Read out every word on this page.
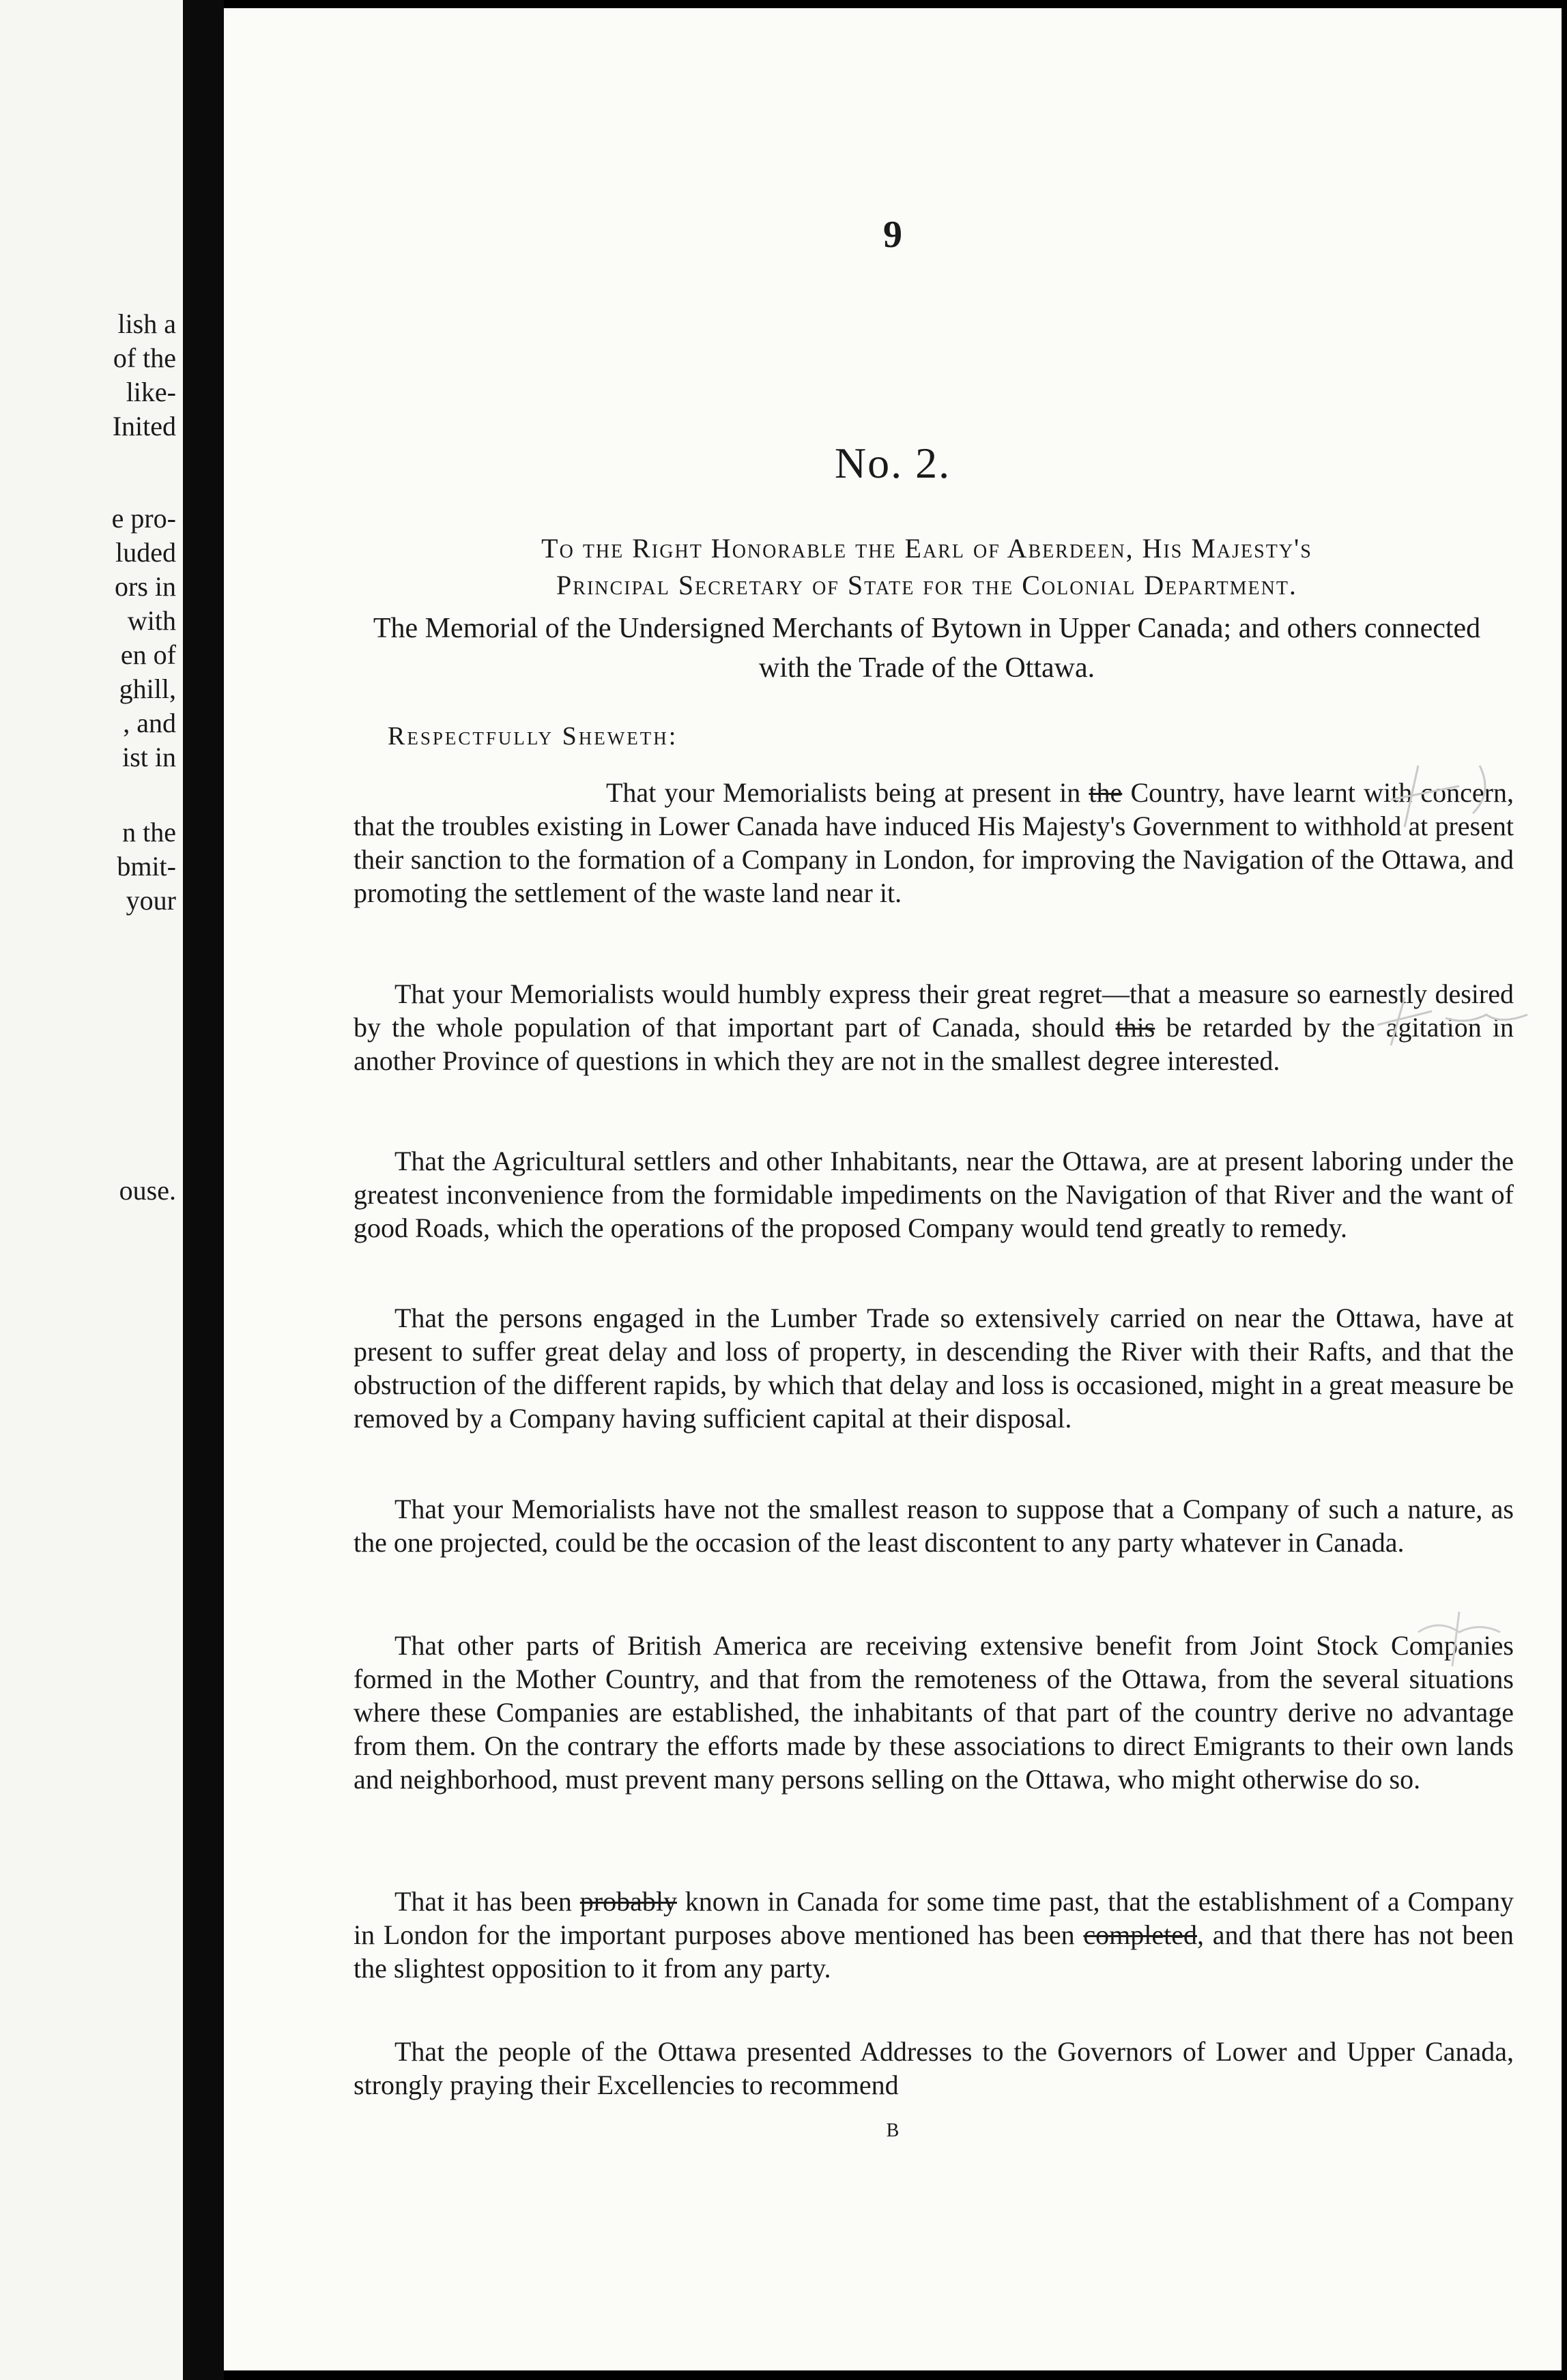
lish a

of the

like-

Inited

e pro-

luded

ors in

with

en of

ghill,

, and

ist in

n the

bmit-

your

ouse.

9
No. 2.
To the Right Honorable the Earl of Aberdeen, His Majesty's
Principal Secretary of State for the Colonial Department.
The Memorial of the Undersigned Merchants of Bytown in Upper Canada; and others connected with the Trade of the Ottawa.
Respectfully Sheweth:

That your Memorialists being at present in the Country, have learnt with concern, that the troubles existing in Lower Canada have induced His Majesty's Government to withhold at present their sanction to the formation of a Company in London, for improving the Navigation of the Ottawa, and promoting the settlement of the waste land near it.

That your Memorialists would humbly express their great regret—that a measure so earnestly desired by the whole population of that important part of Canada, should this be retarded by the agitation in another Province of questions in which they are not in the smallest degree interested.

That the Agricultural settlers and other Inhabitants, near the Ottawa, are at present laboring under the greatest inconvenience from the formidable impediments on the Navigation of that River and the want of good Roads, which the operations of the proposed Company would tend greatly to remedy.

That the persons engaged in the Lumber Trade so extensively carried on near the Ottawa, have at present to suffer great delay and loss of property, in descending the River with their Rafts, and that the obstruction of the different rapids, by which that delay and loss is occasioned, might in a great measure be removed by a Company having sufficient capital at their disposal.

That your Memorialists have not the smallest reason to suppose that a Company of such a nature, as the one projected, could be the occasion of the least discontent to any party whatever in Canada.

That other parts of British America are receiving extensive benefit from Joint Stock Companies formed in the Mother Country, and that from the remoteness of the Ottawa, from the several situations where these Companies are established, the inhabitants of that part of the country derive no advantage from them. On the contrary the efforts made by these associations to direct Emigrants to their own lands and neighborhood, must prevent many persons selling on the Ottawa, who might otherwise do so.

That it has been probably known in Canada for some time past, that the establishment of a Company in London for the important purposes above mentioned has been completed, and that there has not been the slightest opposition to it from any party.

That the people of the Ottawa presented Addresses to the Governors of Lower and Upper Canada, strongly praying their Excellencies to recommend

B
